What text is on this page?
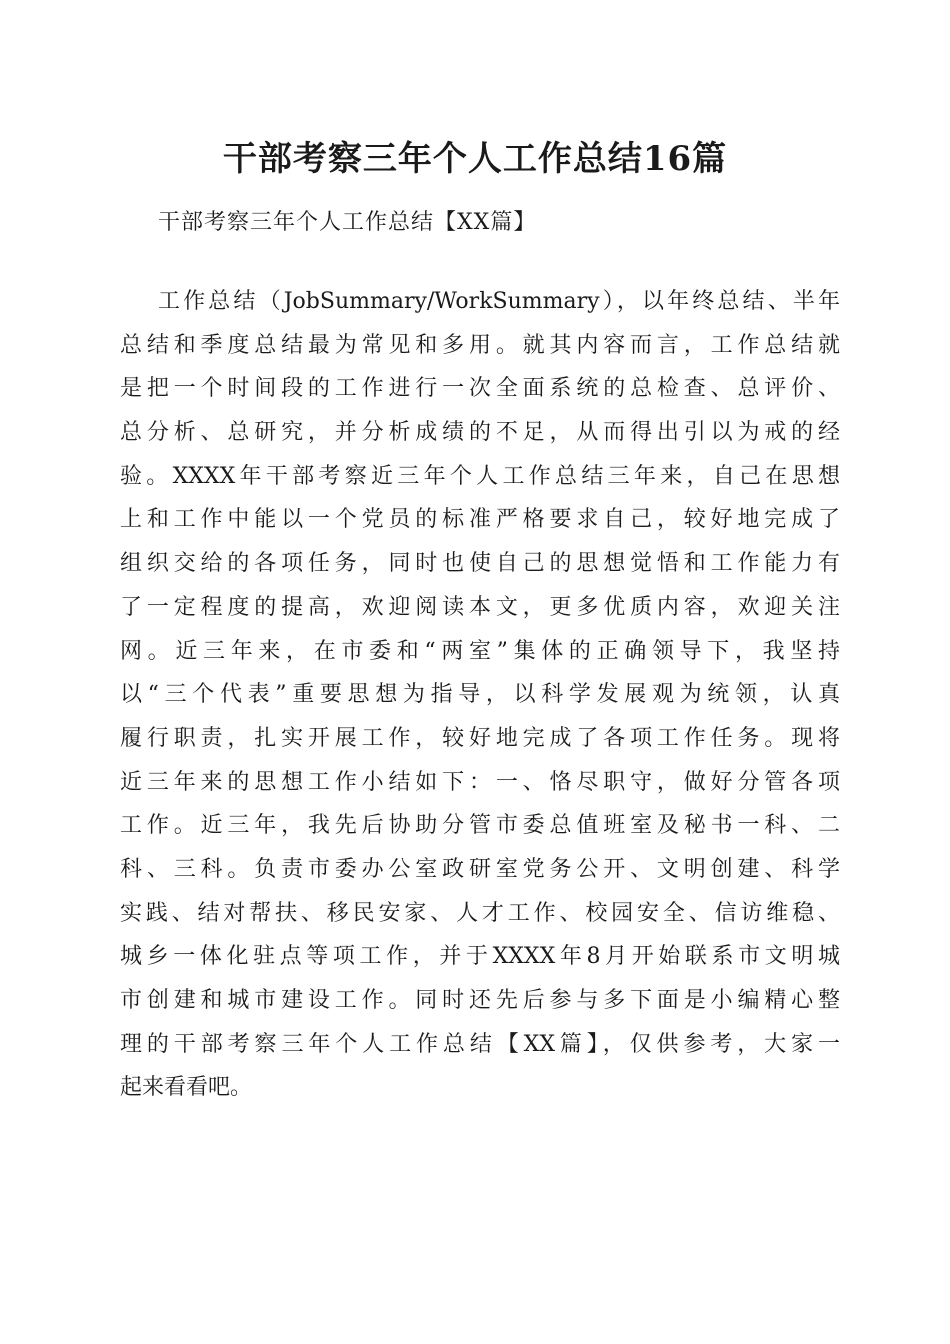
干部考察三年个人工作总结16篇
干部考察三年个人工作总结【XX篇】
工作总结（JobSummary/WorkSummary），以年终总结、半年
总结和季度总结最为常见和多用。就其内容而言，工作总结就
是把一个时间段的工作进行一次全面系统的总检查、总评价、
总分析、总研究，并分析成绩的不足，从而得出引以为戒的经
验。XXXX年干部考察近三年个人工作总结三年来，自己在思想
上和工作中能以一个党员的标准严格要求自己，较好地完成了
组织交给的各项任务，同时也使自己的思想觉悟和工作能力有
了一定程度的提高，欢迎阅读本文，更多优质内容，欢迎关注
网。近三年来，在市委和“两室”集体的正确领导下，我坚持
以“三个代表”重要思想为指导，以科学发展观为统领，认真
履行职责，扎实开展工作，较好地完成了各项工作任务。现将
近三年来的思想工作小结如下：一、恪尽职守，做好分管各项
工作。近三年，我先后协助分管市委总值班室及秘书一科、二
科、三科。负责市委办公室政研室党务公开、文明创建、科学
实践、结对帮扶、移民安家、人才工作、校园安全、信访维稳、
城乡一体化驻点等项工作，并于XXXX年8月开始联系市文明城
市创建和城市建设工作。同时还先后参与多下面是小编精心整
理的干部考察三年个人工作总结【XX篇】，仅供参考，大家一
起来看看吧。
